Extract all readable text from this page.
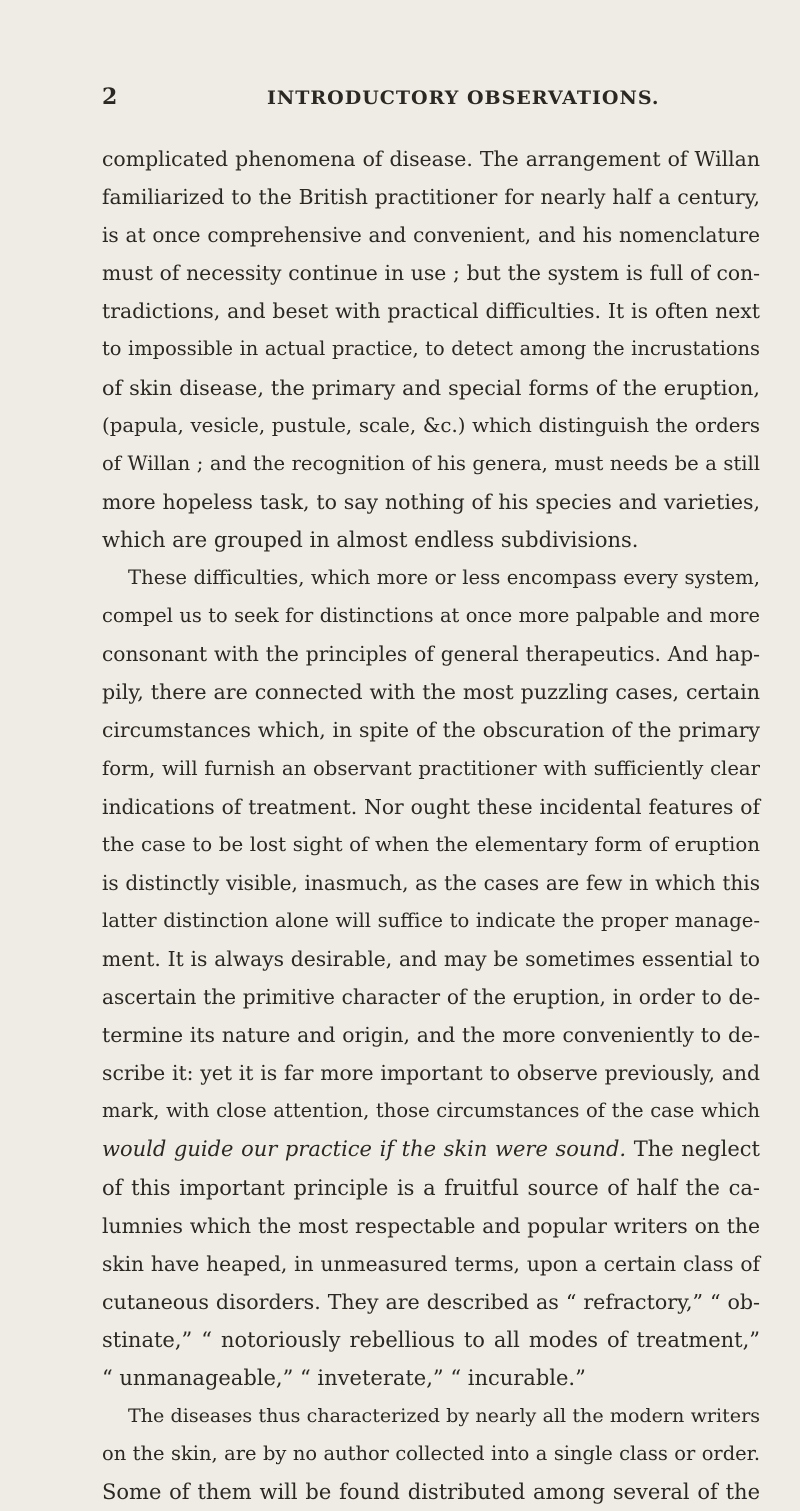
2	INTRODUCTORY OBSERVATIONS.
complicated phenomena of disease. The arrangement of Willan
familiarized to the British practitioner for nearly half a century,
is at once comprehensive and convenient, and his nomenclature
must of necessity continue in use ; but the system is full of con-
tradictions, and beset with practical difficulties. It is often next
to impossible in actual practice, to detect among the incrustations
of skin disease, the primary and special forms of the eruption,
(papula, vesicle, pustule, scale, &c.) which distinguish the orders
of Willan ; and the recognition of his genera, must needs be a still
more hopeless task, to say nothing of his species and varieties,
which are grouped in almost endless subdivisions.
These difficulties, which more or less encompass every system,
compel us to seek for distinctions at once more palpable and more
consonant with the principles of general therapeutics. And hap-
pily, there are connected with the most puzzling cases, certain
circumstances which, in spite of the obscuration of the primary
form, will furnish an observant practitioner with sufficiently clear
indications of treatment. Nor ought these incidental features of
the case to be lost sight of when the elementary form of eruption
is distinctly visible, inasmuch, as the cases are few in which this
latter distinction alone will suffice to indicate the proper manage-
ment. It is always desirable, and may be sometimes essential to
ascertain the primitive character of the eruption, in order to de-
termine its nature and origin, and the more conveniently to de-
scribe it: yet it is far more important to observe previously, and
mark, with close attention, those circumstances of the case which
would guide our practice if the skin were sound. The neglect
of this important principle is a fruitful source of half the ca-
lumnies which the most respectable and popular writers on the
skin have heaped, in unmeasured terms, upon a certain class of
cutaneous disorders. They are described as “ refractory,” “ ob-
stinate,” “ notoriously rebellious to all modes of treatment,”
“ unmanageable,” “ inveterate,” “ incurable.”
The diseases thus characterized by nearly all the modern writers
on the skin, are by no author collected into a single class or order.
Some of them will be found distributed among several of the
